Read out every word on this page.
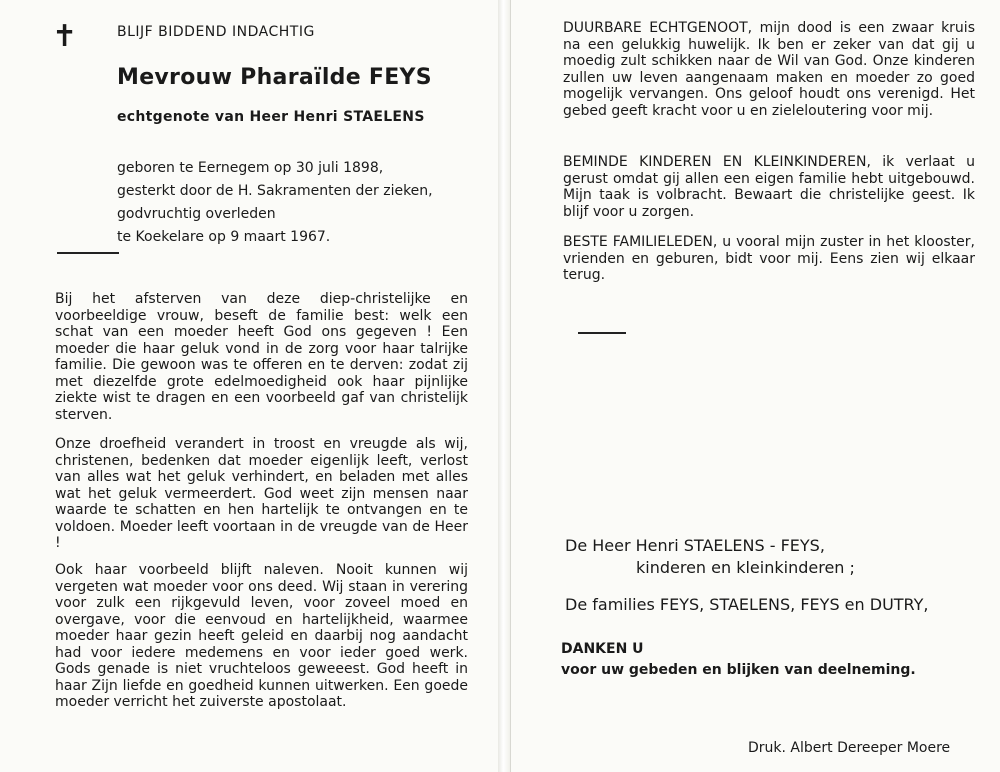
✝	BLIJF BIDDEND INDACHTIG
Mevrouw Pharaïlde FEYS
echtgenote van Heer Henri STAELENS
geboren te Eernegem op 30 juli 1898,
gesterkt door de H. Sakramenten der zieken,
godvruchtig overleden
te Koekelare op 9 maart 1967.
Bij het afsterven van deze diep-christelijke en voorbeeldige vrouw, beseft de familie best: welk een schat van een moeder heeft God ons gegeven ! Een moeder die haar geluk vond in de zorg voor haar talrijke familie. Die gewoon was te offeren en te derven: zodat zij met diezelfde grote edelmoedigheid ook haar pijnlijke ziekte wist te dragen en een voorbeeld gaf van christelijk sterven.
Onze droefheid verandert in troost en vreugde als wij, christenen, bedenken dat moeder eigenlijk leeft, verlost van alles wat het geluk verhindert, en beladen met alles wat het geluk vermeerdert. God weet zijn mensen naar waarde te schatten en hen hartelijk te ontvangen en te voldoen. Moeder leeft voortaan in de vreugde van de Heer !
Ook haar voorbeeld blijft naleven. Nooit kunnen wij vergeten wat moeder voor ons deed. Wij staan in verering voor zulk een rijkgevuld leven, voor zoveel moed en overgave, voor die eenvoud en hartelijkheid, waarmee moeder haar gezin heeft geleid en daarbij nog aandacht had voor iedere medemens en voor ieder goed werk. Gods genade is niet vruchteloos geweeest. God heeft in haar Zijn liefde en goedheid kunnen uitwerken. Een goede moeder verricht het zuiverste apostolaat.
DUURBARE ECHTGENOOT, mijn dood is een zwaar kruis na een gelukkig huwelijk. Ik ben er zeker van dat gij u moedig zult schikken naar de Wil van God. Onze kinderen zullen uw leven aangenaam maken en moeder zo goed mogelijk vervangen. Ons geloof houdt ons verenigd. Het gebed geeft kracht voor u en zieleloutering voor mij.
BEMINDE KINDEREN EN KLEINKINDEREN, ik verlaat u gerust omdat gij allen een eigen familie hebt uitgebouwd. Mijn taak is volbracht. Bewaart die christelijke geest. Ik blijf voor u zorgen.
BESTE FAMILIELEDEN, u vooral mijn zuster in het klooster, vrienden en geburen, bidt voor mij. Eens zien wij elkaar terug.
De Heer Henri STAELENS - FEYS,
kinderen en kleinkinderen ;
De families FEYS, STAELENS, FEYS en DUTRY,
DANKEN U
voor uw gebeden en blijken van deelneming.
Druk. Albert Dereeper Moere
